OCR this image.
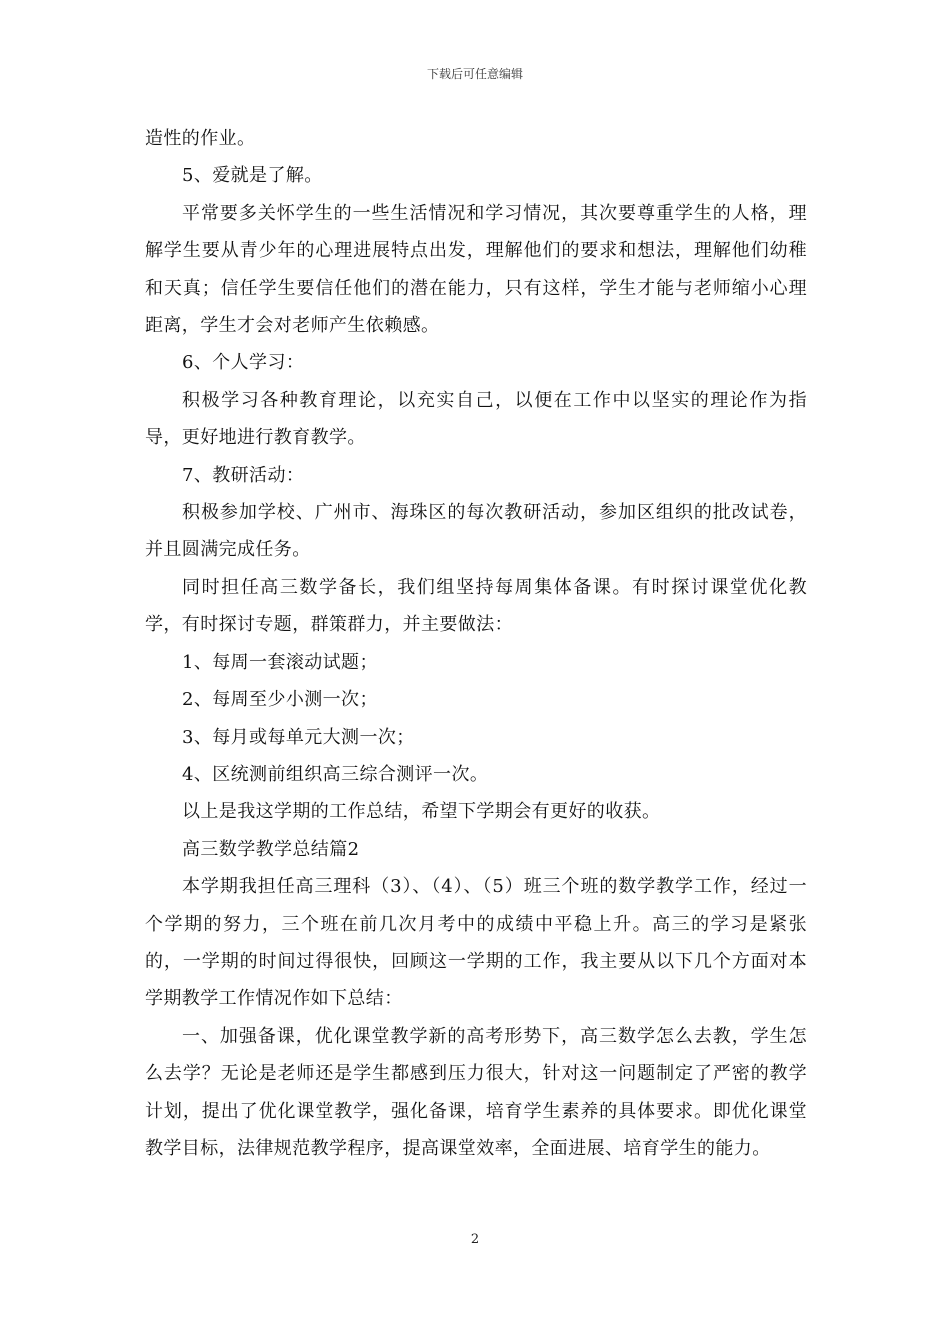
下载后可任意编辑

造性的作业。

5、爱就是了解。

平常要多关怀学生的一些生活情况和学习情况，其次要尊重学生的人格，理解学生要从青少年的心理进展特点出发，理解他们的要求和想法，理解他们幼稚和天真；信任学生要信任他们的潜在能力，只有这样，学生才能与老师缩小心理距离，学生才会对老师产生依赖感。

6、个人学习：

积极学习各种教育理论，以充实自己，以便在工作中以坚实的理论作为指导，更好地进行教育教学。

7、教研活动：

积极参加学校、广州市、海珠区的每次教研活动，参加区组织的批改试卷，并且圆满完成任务。

同时担任高三数学备长，我们组坚持每周集体备课。有时探讨课堂优化教学，有时探讨专题，群策群力，并主要做法：

1、每周一套滚动试题；

2、每周至少小测一次；

3、每月或每单元大测一次；

4、区统测前组织高三综合测评一次。

以上是我这学期的工作总结，希望下学期会有更好的收获。

高三数学教学总结篇2

本学期我担任高三理科（3）、（4）、（5）班三个班的数学教学工作，经过一个学期的努力，三个班在前几次月考中的成绩中平稳上升。高三的学习是紧张的，一学期的时间过得很快，回顾这一学期的工作，我主要从以下几个方面对本学期教学工作情况作如下总结：

一、加强备课，优化课堂教学新的高考形势下，高三数学怎么去教，学生怎么去学？无论是老师还是学生都感到压力很大，针对这一问题制定了严密的教学计划，提出了优化课堂教学，强化备课，培育学生素养的具体要求。即优化课堂教学目标，法律规范教学程序，提高课堂效率，全面进展、培育学生的能力。

2
